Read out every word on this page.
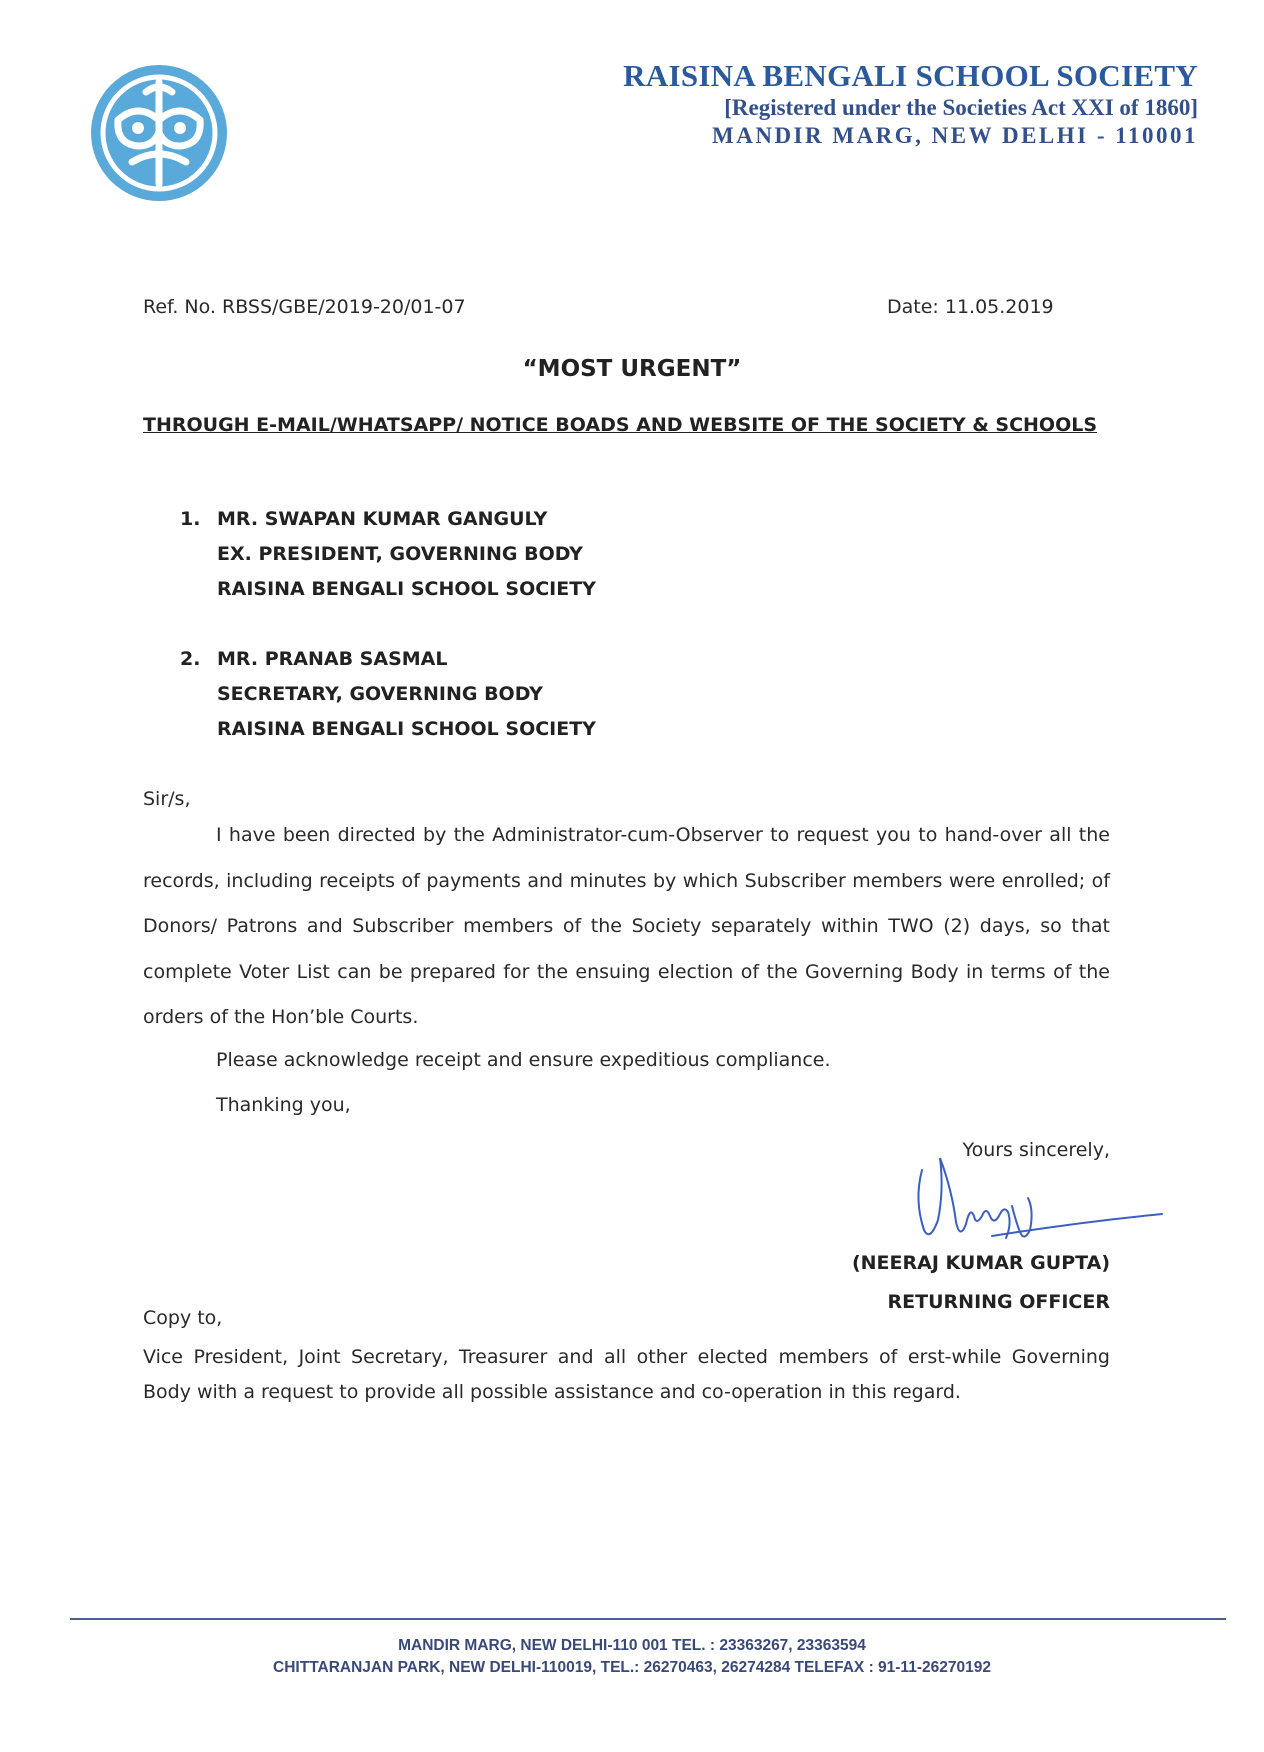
RAISINA BENGALI SCHOOL SOCIETY
[Registered under the Societies Act XXI of 1860]
MANDIR MARG, NEW DELHI - 110001
Ref. No. RBSS/GBE/2019-20/01-07	Date: 11.05.2019
“MOST URGENT”
THROUGH E-MAIL/WHATSAPP/ NOTICE BOADS AND WEBSITE OF THE SOCIETY & SCHOOLS
1. MR. SWAPAN KUMAR GANGULY
EX. PRESIDENT, GOVERNING BODY
RAISINA BENGALI SCHOOL SOCIETY
2. MR. PRANAB SASMAL
SECRETARY, GOVERNING BODY
RAISINA BENGALI SCHOOL SOCIETY
Sir/s,
I have been directed by the Administrator-cum-Observer to request you to hand-over all the records, including receipts of payments and minutes by which Subscriber members were enrolled; of Donors/ Patrons and Subscriber members of the Society separately within TWO (2) days, so that complete Voter List can be prepared for the ensuing election of the Governing Body in terms of the orders of the Hon’ble Courts.
Please acknowledge receipt and ensure expeditious compliance.
Thanking you,
Yours sincerely,
(NEERAJ KUMAR GUPTA)
RETURNING OFFICER
Copy to,
Vice President, Joint Secretary, Treasurer and all other elected members of erst-while Governing Body with a request to provide all possible assistance and co-operation in this regard.
MANDIR MARG, NEW DELHI-110 001 TEL. : 23363267, 23363594
CHITTARANJAN PARK, NEW DELHI-110019, TEL.: 26270463, 26274284 TELEFAX : 91-11-26270192
